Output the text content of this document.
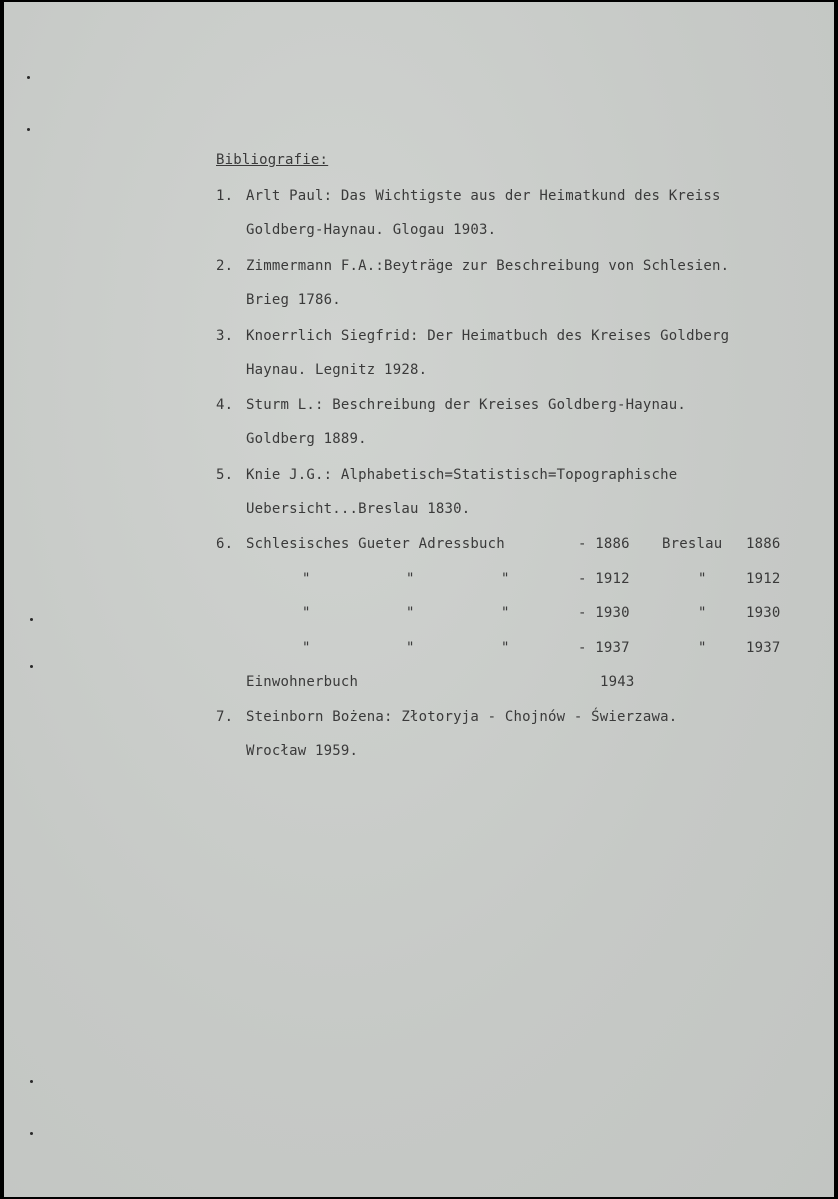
Bibliografie:
1. Arlt Paul: Das Wichtigste aus der Heimatkund des Kreiss
Goldberg-Haynau. Glogau 1903.
2. Zimmermann F.A.:Beyträge zur Beschreibung von Schlesien.
Brieg 1786.
3. Knoerrlich Siegfrid: Der Heimatbuch des Kreises Goldberg
Haynau. Legnitz 1928.
4. Sturm L.: Beschreibung der Kreises Goldberg-Haynau.
Goldberg 1889.
5. Knie J.G.: Alphabetisch=Statistisch=Topographische
Uebersicht...Breslau 1830.
6. Schlesisches Gueter Adressbuch	- 1886 Breslau 1886
"	"	"	- 1912	"	1912
"	"	"	- 1930	"	1930
"	"	"	- 1937	"	1937
Einwohnerbuch	1943
7. Steinborn Bożena: Złotoryja - Chojnów - Świerzawa.
Wrocław 1959.
